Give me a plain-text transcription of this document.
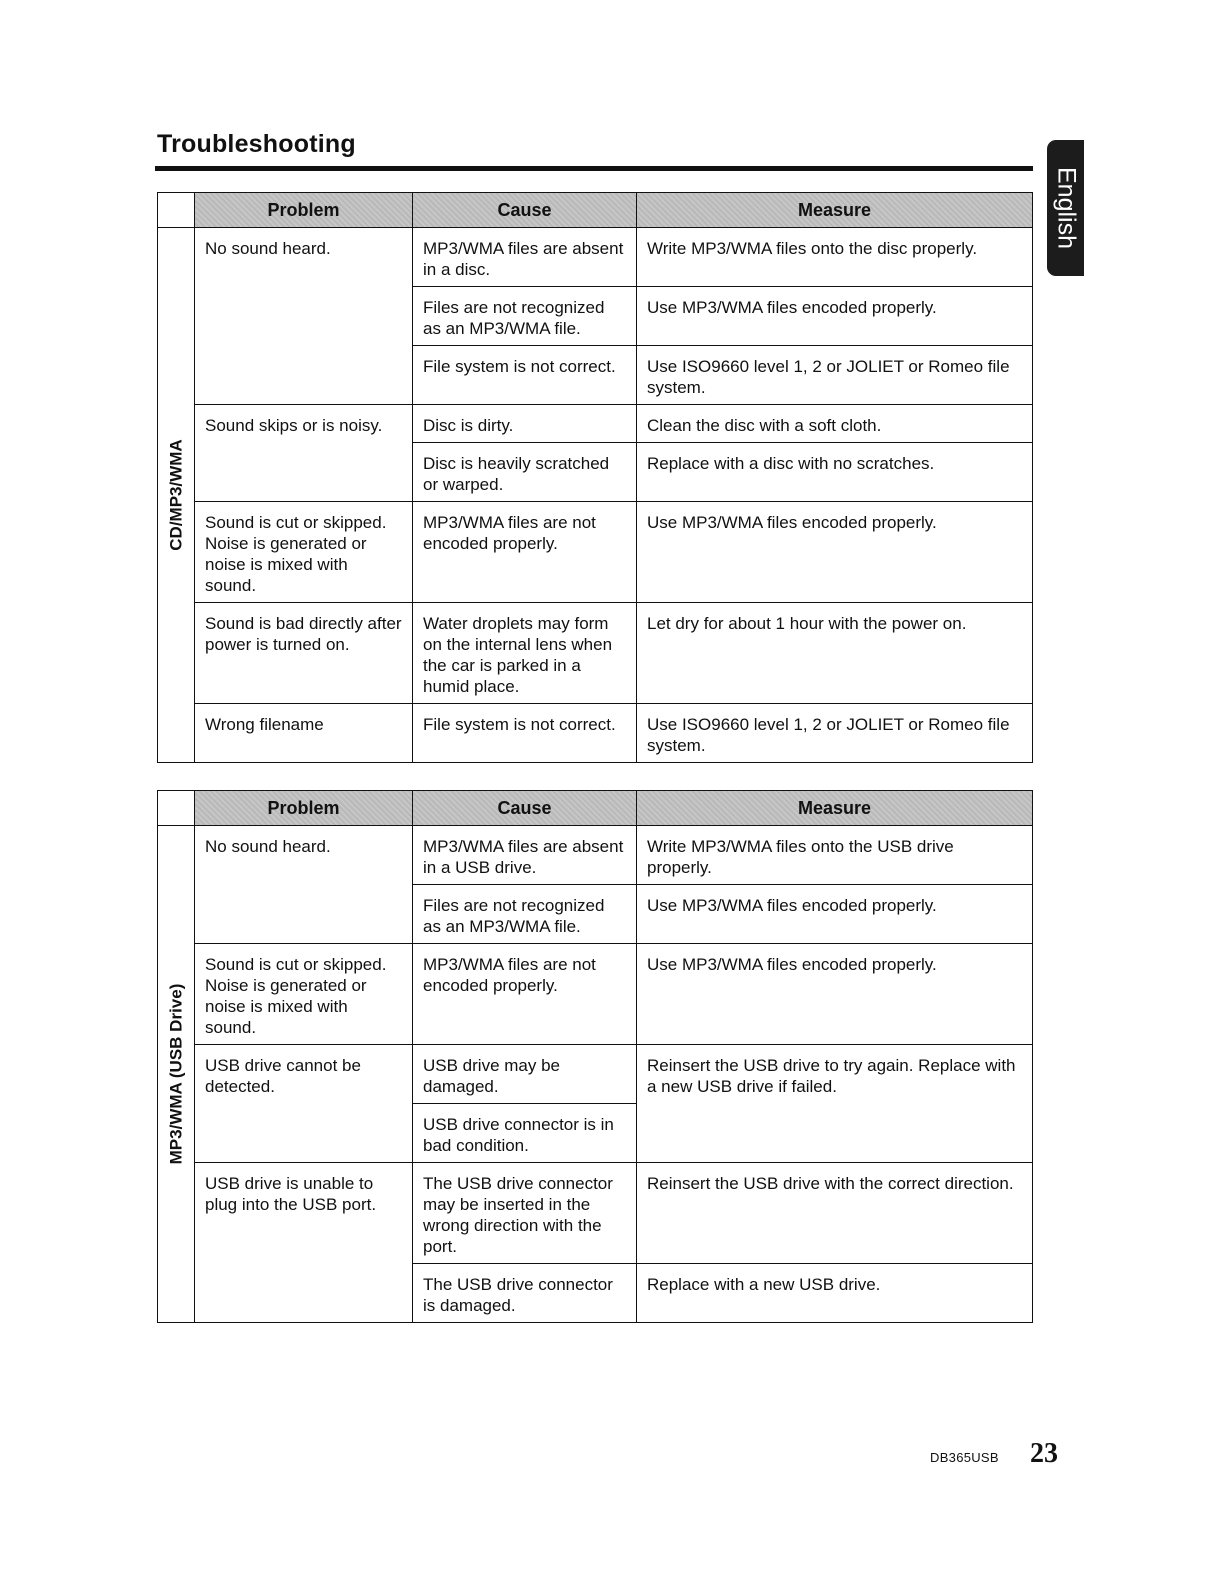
Troubleshooting
English
	Problem	Cause	Measure

CD/MP3/WMA	No sound heard.	MP3/WMA files are absent in a disc.	Write MP3/WMA files onto the disc properly.
		Files are not recognized as an MP3/WMA file.	Use MP3/WMA files encoded properly.
		File system is not correct.	Use ISO9660 level 1, 2 or JOLIET or Romeo file system.
	Sound skips or is noisy.	Disc is dirty.	Clean the disc with a soft cloth.
		Disc is heavily scratched or warped.	Replace with a disc with no scratches.
	Sound is cut or skipped. Noise is generated or noise is mixed with sound.	MP3/WMA files are not encoded properly.	Use MP3/WMA files encoded properly.
	Sound is bad directly after power is turned on.	Water droplets may form on the internal lens when the car is parked in a humid place.	Let dry for about 1 hour with the power on.
	Wrong filename	File system is not correct.	Use ISO9660 level 1, 2 or JOLIET or Romeo file system.
	Problem	Cause	Measure

MP3/WMA (USB Drive)	No sound heard.	MP3/WMA files are absent in a USB drive.	Write MP3/WMA files onto the USB drive properly.
		Files are not recognized as an MP3/WMA file.	Use MP3/WMA files encoded properly.
	Sound is cut or skipped. Noise is generated or noise is mixed with sound.	MP3/WMA files are not encoded properly.	Use MP3/WMA files encoded properly.
	USB drive cannot be detected.	USB drive may be damaged.	Reinsert the USB drive to try again. Replace with a new USB drive if failed.
		USB drive connector is in bad condition.	
	USB drive is unable to plug into the USB port.	The USB drive connector may be inserted in the wrong direction with the port.	Reinsert the USB drive with the correct direction.
		The USB drive connector is damaged.	Replace with a new USB drive.
DB365USB 23
